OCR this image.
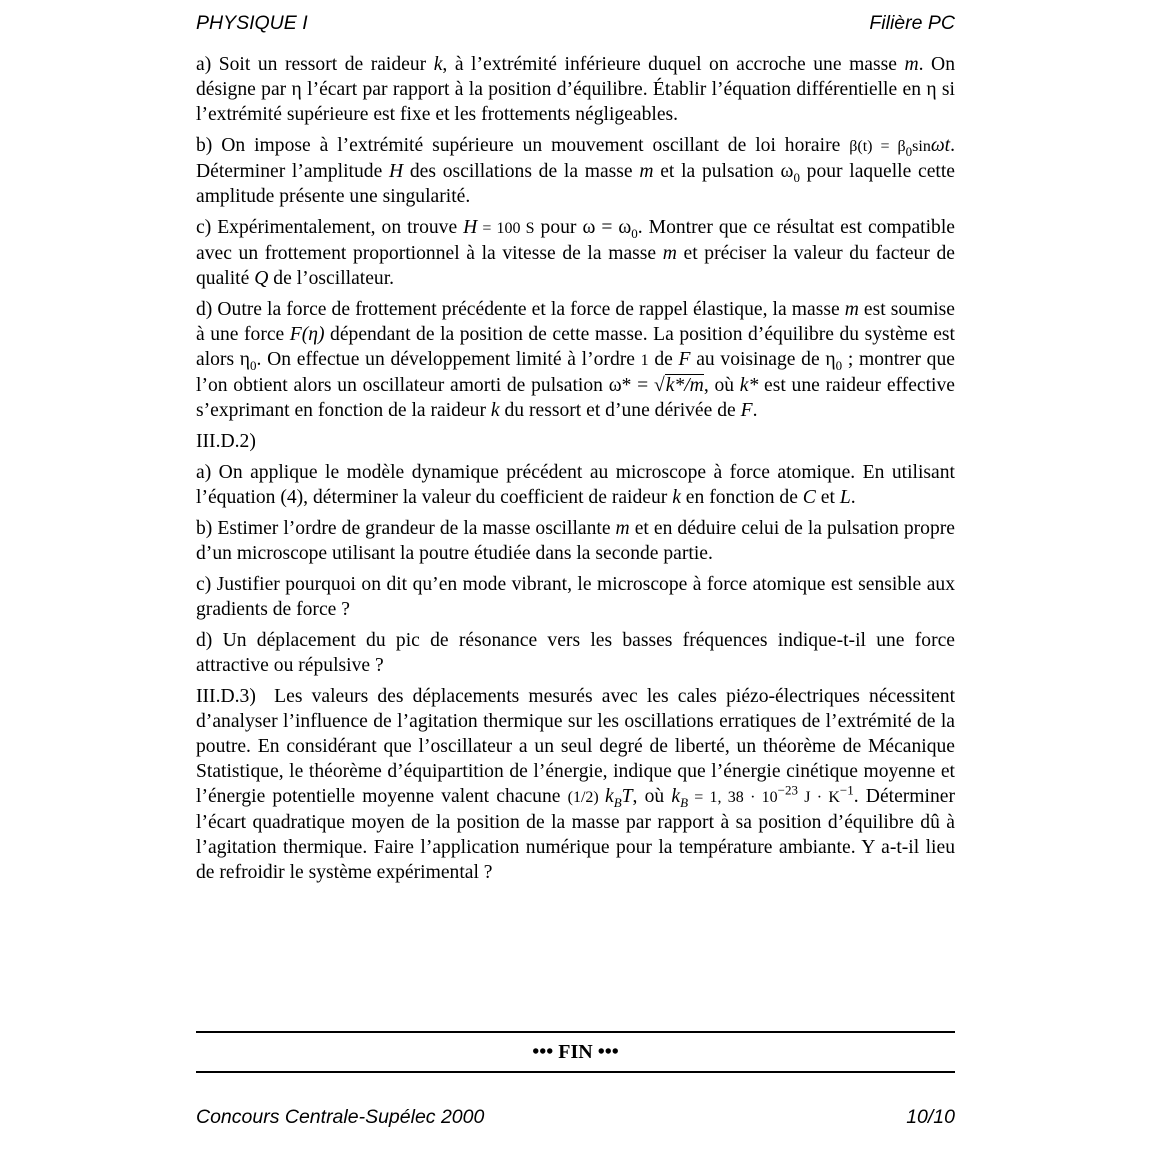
PHYSIQUE I	Filière PC

a) Soit un ressort de raideur k, à l’extrémité inférieure duquel on accroche une masse m. On désigne par η l’écart par rapport à la position d’équilibre. Établir l’équation différentielle en η si l’extrémité supérieure est fixe et les frottements négligeables.

b) On impose à l’extrémité supérieure un mouvement oscillant de loi horaire $\beta(t) = \beta_0\sin\omega t$. Déterminer l’amplitude H des oscillations de la masse m et la pulsation $\omega_0$ pour laquelle cette amplitude présente une singularité.

c) Expérimentalement, on trouve H = 100 S pour $\omega = \omega_0$. Montrer que ce résultat est compatible avec un frottement proportionnel à la vitesse de la masse m et préciser la valeur du facteur de qualité Q de l’oscillateur.

d) Outre la force de frottement précédente et la force de rappel élastique, la masse m est soumise à une force F(η) dépendant de la position de cette masse. La position d’équilibre du système est alors $\eta_0$. On effectue un développement limité à l’ordre 1 de F au voisinage de $\eta_0$ ; montrer que l’on obtient alors un oscillateur amorti de pulsation ω* = √k*/m, où k* est une raideur effective s’exprimant en fonction de la raideur k du ressort et d’une dérivée de F.

III.D.2)

a) On applique le modèle dynamique précédent au microscope à force atomique. En utilisant l’équation (4), déterminer la valeur du coefficient de raideur k en fonction de C et L.

b) Estimer l’ordre de grandeur de la masse oscillante m et en déduire celui de la pulsation propre d’un microscope utilisant la poutre étudiée dans la seconde partie.

c) Justifier pourquoi on dit qu’en mode vibrant, le microscope à force atomique est sensible aux gradients de force ?

d) Un déplacement du pic de résonance vers les basses fréquences indique-t-il une force attractive ou répulsive ?

III.D.3) Les valeurs des déplacements mesurés avec les cales piézo-électriques nécessitent d’analyser l’influence de l’agitation thermique sur les oscillations erratiques de l’extrémité de la poutre. En considérant que l’oscillateur a un seul degré de liberté, un théorème de Mécanique Statistique, le théorème d’équipartition de l’énergie, indique que l’énergie cinétique moyenne et l’énergie potentielle moyenne valent chacune (1/2) $k_BT$, où $k_B = 1$, $38 \cdot 10^{-23}$ $J \cdot K^{-1}$. Déterminer l’écart quadratique moyen de la position de la masse par rapport à sa position d’équilibre dû à l’agitation thermique. Faire l’application numérique pour la température ambiante. Y a-t-il lieu de refroidir le système expérimental ?

••• FIN •••
Concours Centrale-Supélec 2000	10/10
